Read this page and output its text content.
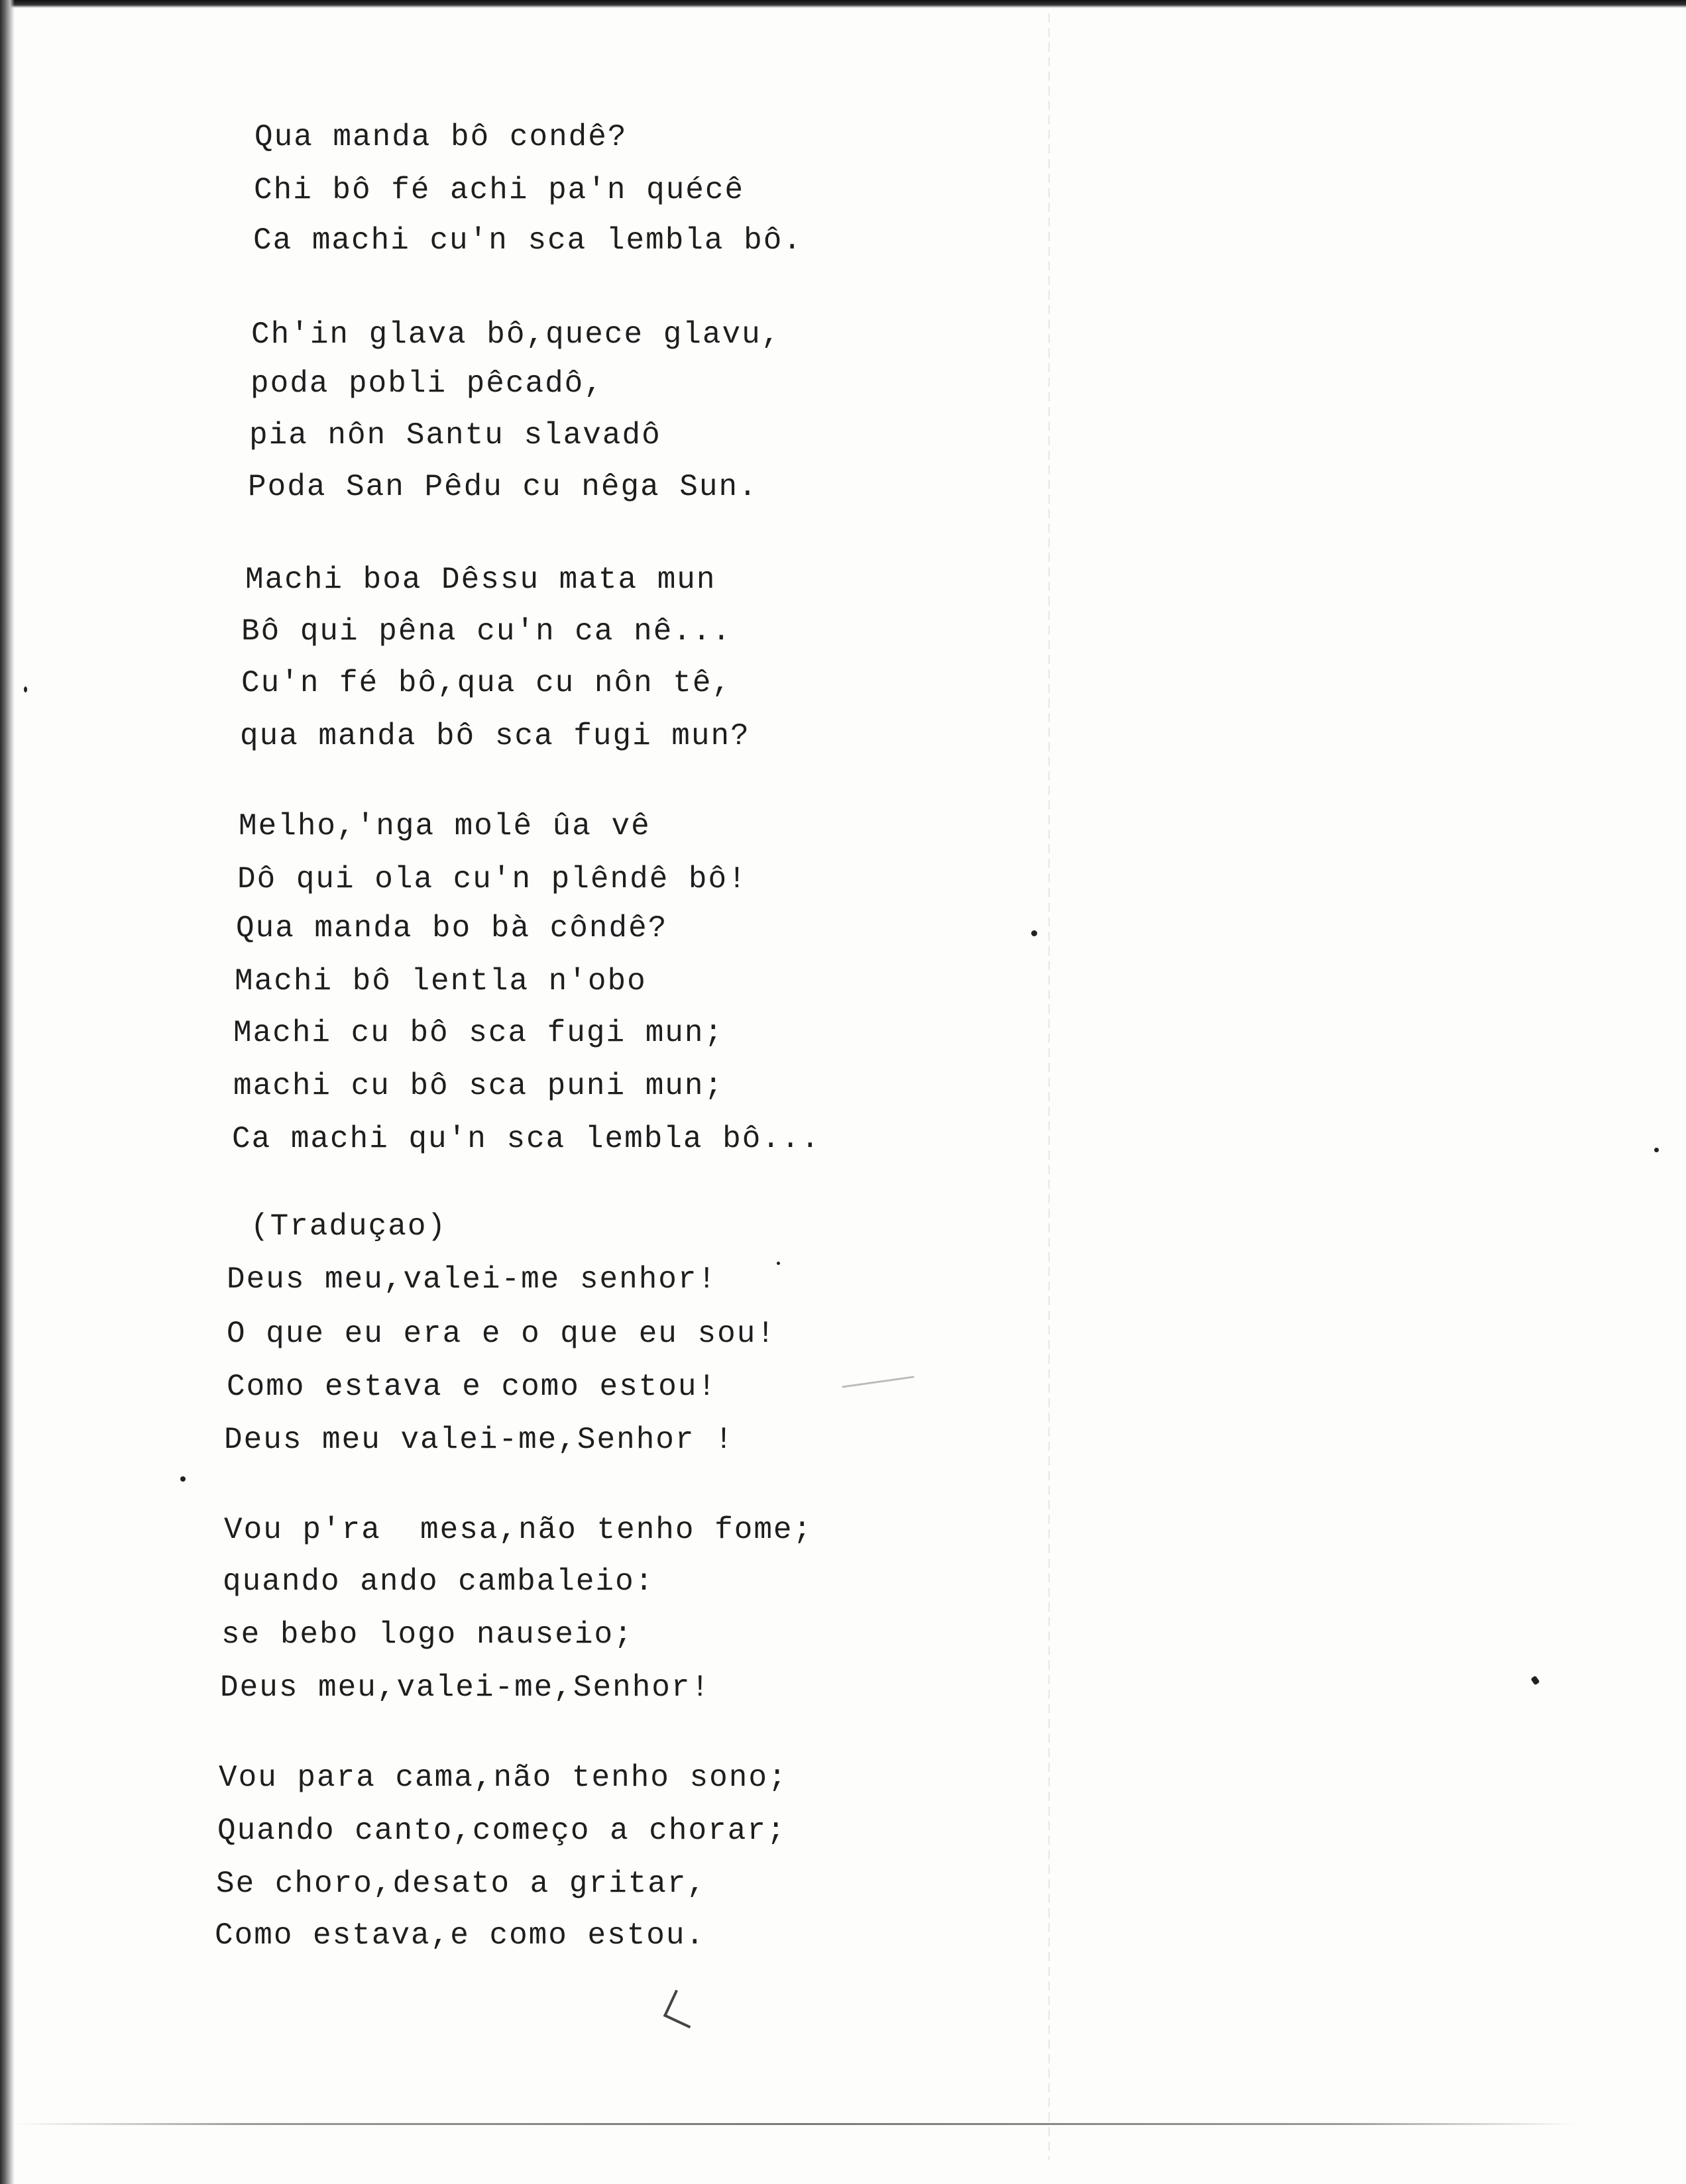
Qua manda bô condê?
Chi bô fé achi pa'n quécê
Ca machi cu'n sca lembla bô.
Ch'in glava bô,quece glavu,
poda pobli pêcadô,
pia nôn Santu slavadô
Poda San Pêdu cu nêga Sun.
Machi boa Dêssu mata mun
Bô qui pêna cu'n ca nê...
Cu'n fé bô,qua cu nôn tê,
qua manda bô sca fugi mun?
Melho,'nga molê ûa vê
Dô qui ola cu'n plêndê bô!
Qua manda bo bà côndê?
Machi bô lentla n'obo
Machi cu bô sca fugi mun;
machi cu bô sca puni mun;
Ca machi qu'n sca lembla bô...
(Traduçao)
Deus meu,valei-me senhor!
O que eu era e o que eu sou!
Como estava e como estou!
Deus meu valei-me,Senhor !
Vou p'ra  mesa,não tenho fome;
quando ando cambaleio:
se bebo logo nauseio;
Deus meu,valei-me,Senhor!
Vou para cama,não tenho sono;
Quando canto,começo a chorar;
Se choro,desato a gritar,
Como estava,e como estou.
